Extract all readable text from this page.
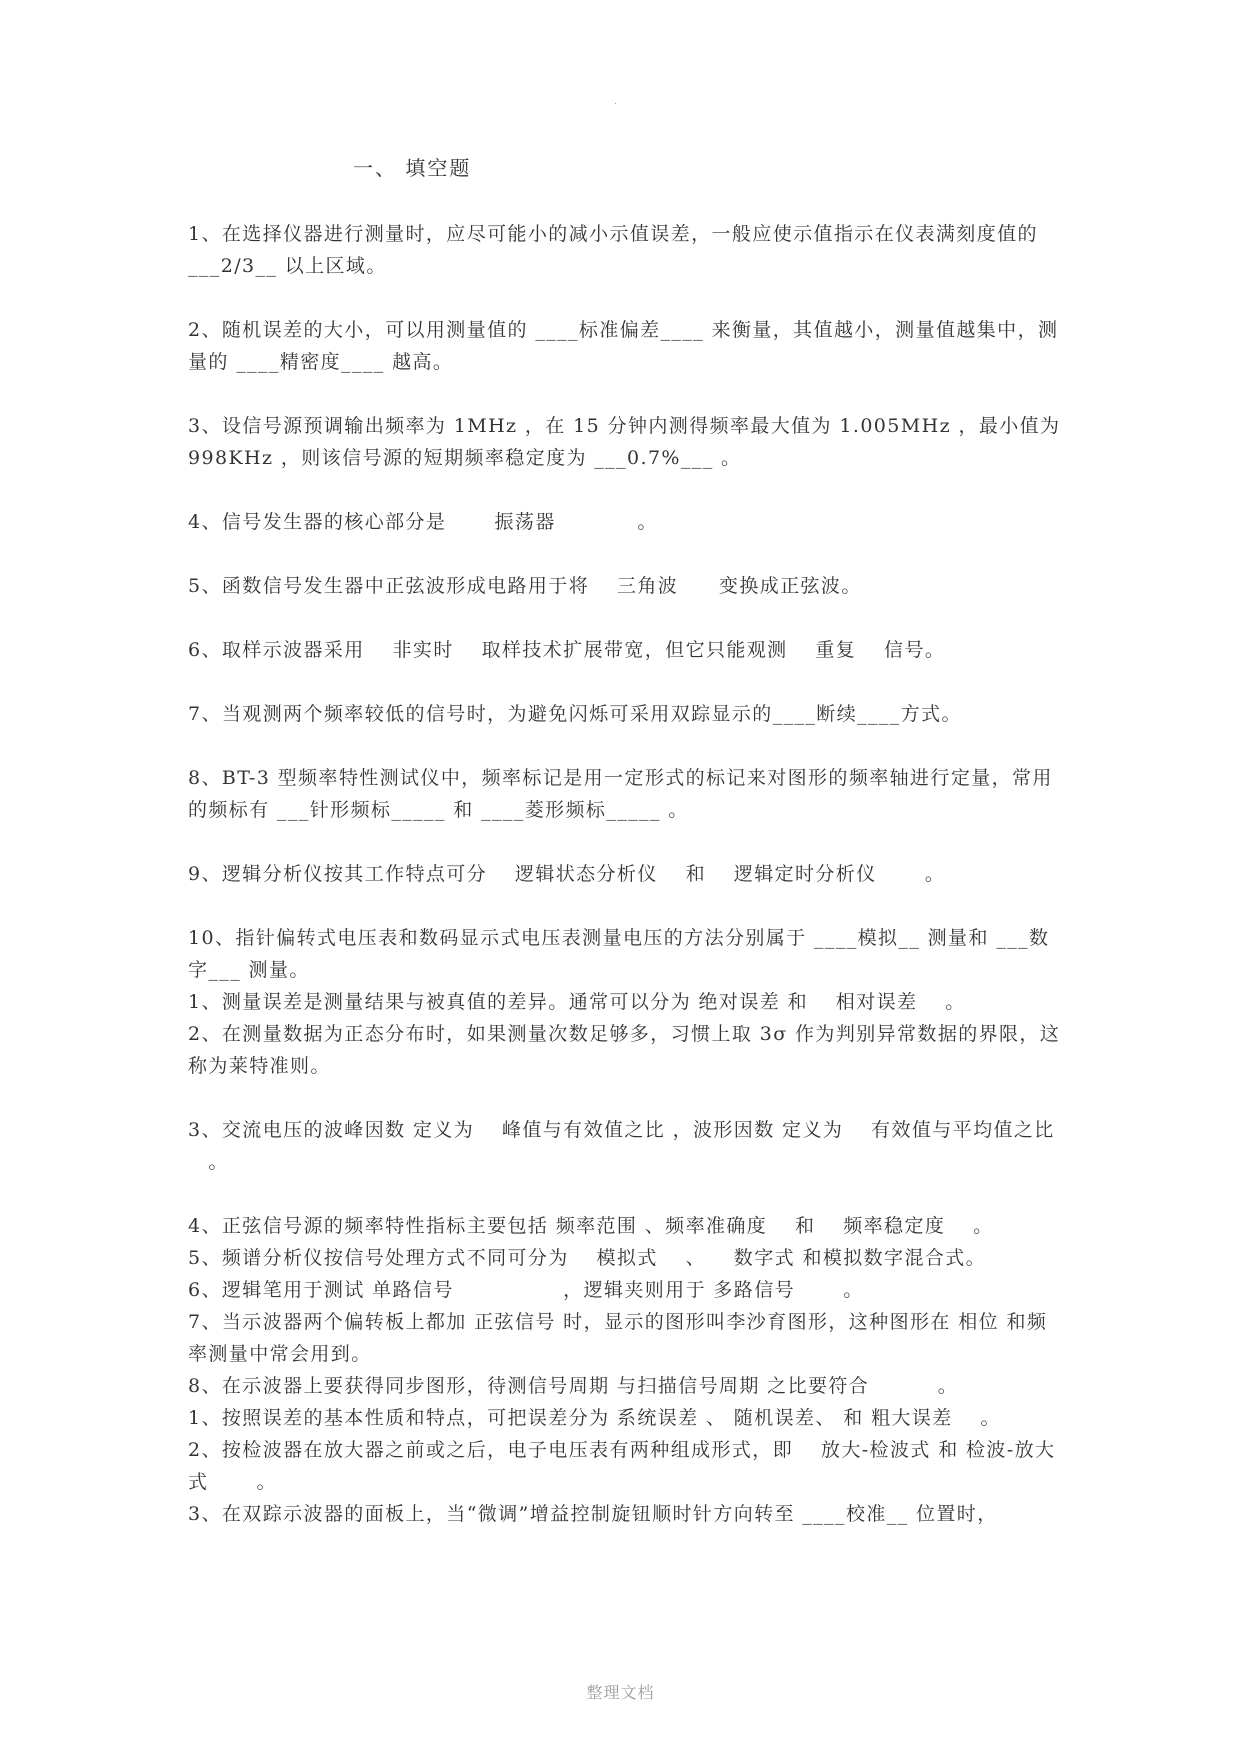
.
一、 填空题

1、在选择仪器进行测量时，应尽可能小的减小示值误差，一般应使示值指示在仪表满刻度值的 ___2/3__ 以上区域。

2、随机误差的大小，可以用测量值的 ____标准偏差____ 来衡量，其值越小，测量值越集中，测量的 ____精密度____ 越高。

3、设信号源预调输出频率为 1MHz ，在 15 分钟内测得频率最大值为 1.005MHz ，最小值为 998KHz ，则该信号源的短期频率稳定度为 ___0.7%___ 。

4、信号发生器的核心部分是 　　振荡器　　　　。

5、函数信号发生器中正弦波形成电路用于将 　三角波　　变换成正弦波。

6、取样示波器采用 　非实时 　取样技术扩展带宽，但它只能观测 　重复 　信号。

7、当观测两个频率较低的信号时，为避免闪烁可采用双踪显示的____断续____方式。

8、BT-3 型频率特性测试仪中，频率标记是用一定形式的标记来对图形的频率轴进行定量，常用的频标有 ___针形频标_____ 和 ____菱形频标_____ 。

9、逻辑分析仪按其工作特点可分 　逻辑状态分析仪 　和 　逻辑定时分析仪 　　。

10、指针偏转式电压表和数码显示式电压表测量电压的方法分别属于 ____模拟__ 测量和 ___数字___ 测量。

1、测量误差是测量结果与被真值的差异。通常可以分为 绝对误差 和 　相对误差 　。

2、在测量数据为正态分布时，如果测量次数足够多，习惯上取 3σ 作为判别异常数据的界限，这称为莱特准则。

3、交流电压的波峰因数 定义为 　峰值与有效值之比 ，波形因数 定义为 　有效值与平均值之比 　。

4、正弦信号源的频率特性指标主要包括 频率范围 、频率准确度 　和 　频率稳定度 　。

5、频谱分析仪按信号处理方式不同可分为 　模拟式 　、 　数字式 和模拟数字混合式。

6、逻辑笔用于测试 单路信号 　　　　　，逻辑夹则用于 多路信号 　　。

7、当示波器两个偏转板上都加 正弦信号 时，显示的图形叫李沙育图形，这种图形在 相位 和频率测量中常会用到。

8、在示波器上要获得同步图形，待测信号周期 与扫描信号周期 之比要符合 　　　。

1、按照误差的基本性质和特点，可把误差分为 系统误差 、 随机误差、 和 粗大误差 　。

2、按检波器在放大器之前或之后，电子电压表有两种组成形式，即 　放大-检波式 和 检波-放大式 　　。

3、在双踪示波器的面板上，当“微调”增益控制旋钮顺时针方向转至 ____校准__ 位置时，

整理文档
